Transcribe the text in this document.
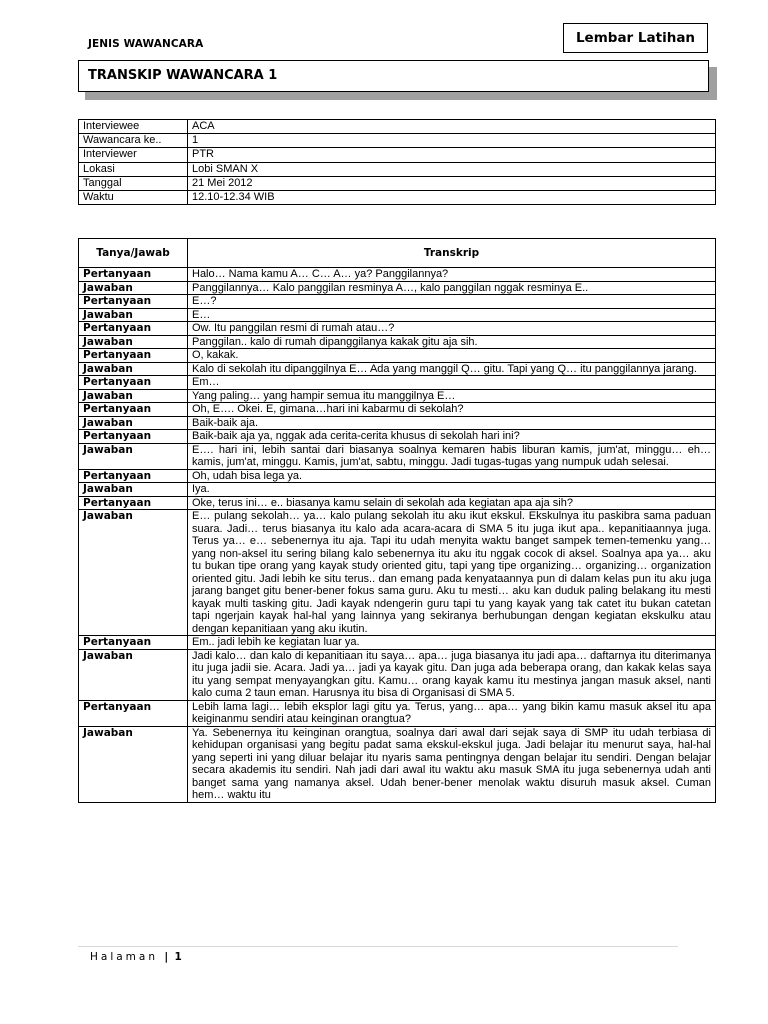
JENIS WAWANCARA	Lembar Latihan
TRANSKIP WAWANCARA 1
Interviewee	ACA
Wawancara ke..	1
Interviewer	PTR
Lokasi	Lobi SMAN X
Tanggal	21 Mei 2012
Waktu	12.10-12.34 WIB
Tanya/Jawab	Transkrip
Pertanyaan	Halo… Nama kamu A… C… A… ya? Panggilannya?
Jawaban	Panggilannya… Kalo panggilan resminya A…, kalo panggilan nggak resminya E..
Pertanyaan	E…?
Jawaban	E…
Pertanyaan	Ow. Itu panggilan resmi di rumah atau…?
Jawaban	Panggilan.. kalo di rumah dipanggilanya kakak gitu aja sih.
Pertanyaan	O, kakak.
Jawaban	Kalo di sekolah itu dipanggilnya E… Ada yang manggil Q… gitu. Tapi yang Q… itu panggilannya jarang.
Pertanyaan	Em…
Jawaban	Yang paling… yang hampir semua itu manggilnya E…
Pertanyaan	Oh, E…. Okei. E, gimana…hari ini kabarmu di sekolah?
Jawaban	Baik-baik aja.
Pertanyaan	Baik-baik aja ya, nggak ada cerita-cerita khusus di sekolah hari ini?
Jawaban	E…. hari ini, lebih santai dari biasanya soalnya kemaren habis liburan kamis, jum'at, minggu… eh… kamis, jum'at, minggu. Kamis, jum'at, sabtu, minggu. Jadi tugas-tugas yang numpuk udah selesai.
Pertanyaan	Oh, udah bisa lega ya.
Jawaban	Iya.
Pertanyaan	Oke, terus ini… e.. biasanya kamu selain di sekolah ada kegiatan apa aja sih?
Jawaban	E… pulang sekolah… ya… kalo pulang sekolah itu aku ikut ekskul. Ekskulnya itu paskibra sama paduan suara. Jadi… terus biasanya itu kalo ada acara-acara di SMA 5 itu juga ikut apa.. kepanitiaannya juga. Terus ya… e… sebenernya itu aja. Tapi itu udah menyita waktu banget sampek temen-temenku yang… yang non-aksel itu sering bilang kalo sebenernya itu aku itu nggak cocok di aksel. Soalnya apa ya… aku tu bukan tipe orang yang kayak study oriented gitu, tapi yang tipe organizing… organizing… organization oriented gitu. Jadi lebih ke situ terus.. dan emang pada kenyataannya pun di dalam kelas pun itu aku juga jarang banget gitu bener-bener fokus sama guru. Aku tu mesti… aku kan duduk paling belakang itu mesti kayak multi tasking gitu. Jadi kayak ndengerin guru tapi tu yang kayak yang tak catet itu bukan catetan tapi ngerjain kayak hal-hal yang lainnya yang sekiranya berhubungan dengan kegiatan ekskulku atau dengan kepanitiaan yang aku ikutin.
Pertanyaan	Em.. jadi lebih ke kegiatan luar ya.
Jawaban	Jadi kalo… dan kalo di kepanitiaan itu saya… apa… juga biasanya itu jadi apa… daftarnya itu diterimanya itu juga jadii sie. Acara. Jadi ya… jadi ya kayak gitu. Dan juga ada beberapa orang, dan kakak kelas saya itu yang sempat menyayangkan gitu. Kamu… orang kayak kamu itu mestinya jangan masuk aksel, nanti kalo cuma 2 taun eman. Harusnya itu bisa di Organisasi di SMA 5.
Pertanyaan	Lebih lama lagi… lebih eksplor lagi gitu ya. Terus, yang… apa… yang bikin kamu masuk aksel itu apa keiginanmu sendiri atau keinginan orangtua?
Jawaban	Ya. Sebenernya itu keinginan orangtua, soalnya dari awal dari sejak saya di SMP itu udah terbiasa di kehidupan organisasi yang begitu padat sama ekskul-ekskul juga. Jadi belajar itu menurut saya, hal-hal yang seperti ini yang diluar belajar itu nyaris sama pentingnya dengan belajar itu sendiri. Dengan belajar secara akademis itu sendiri. Nah jadi dari awal itu waktu aku masuk SMA itu juga sebenernya udah anti banget sama yang namanya aksel. Udah bener-bener menolak waktu disuruh masuk aksel. Cuman hem… waktu itu
Halaman | 1
